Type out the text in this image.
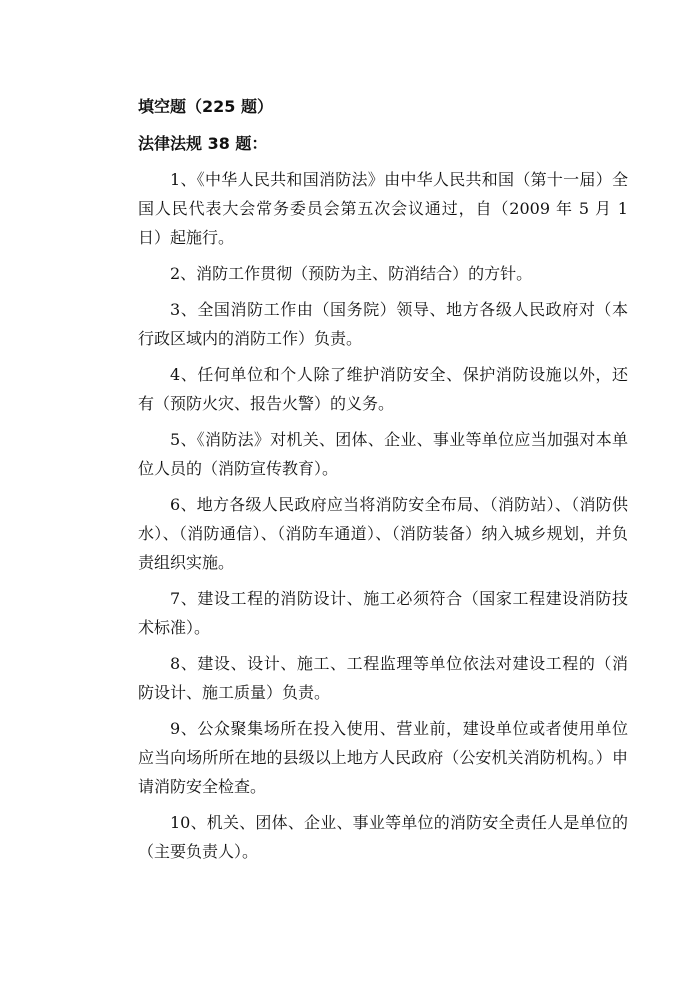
填空题（225 题）

法律法规 38 题：

1、《中华人民共和国消防法》由中华人民共和国（第十一届）全国人民代表大会常务委员会第五次会议通过，自（2009 年 5 月 1 日）起施行。

2、消防工作贯彻（预防为主、防消结合）的方针。

3、全国消防工作由（国务院）领导、地方各级人民政府对（本行政区域内的消防工作）负责。

4、任何单位和个人除了维护消防安全、保护消防设施以外，还有（预防火灾、报告火警）的义务。

5、《消防法》对机关、团体、企业、事业等单位应当加强对本单位人员的（消防宣传教育）。

6、地方各级人民政府应当将消防安全布局、（消防站）、（消防供水）、（消防通信）、（消防车通道）、（消防装备）纳入城乡规划，并负责组织实施。

7、建设工程的消防设计、施工必须符合（国家工程建设消防技术标准）。

8、建设、设计、施工、工程监理等单位依法对建设工程的（消防设计、施工质量）负责。

9、公众聚集场所在投入使用、营业前，建设单位或者使用单位应当向场所所在地的县级以上地方人民政府（公安机关消防机构。）申请消防安全检查。

10、机关、团体、企业、事业等单位的消防安全责任人是单位的（主要负责人）。
